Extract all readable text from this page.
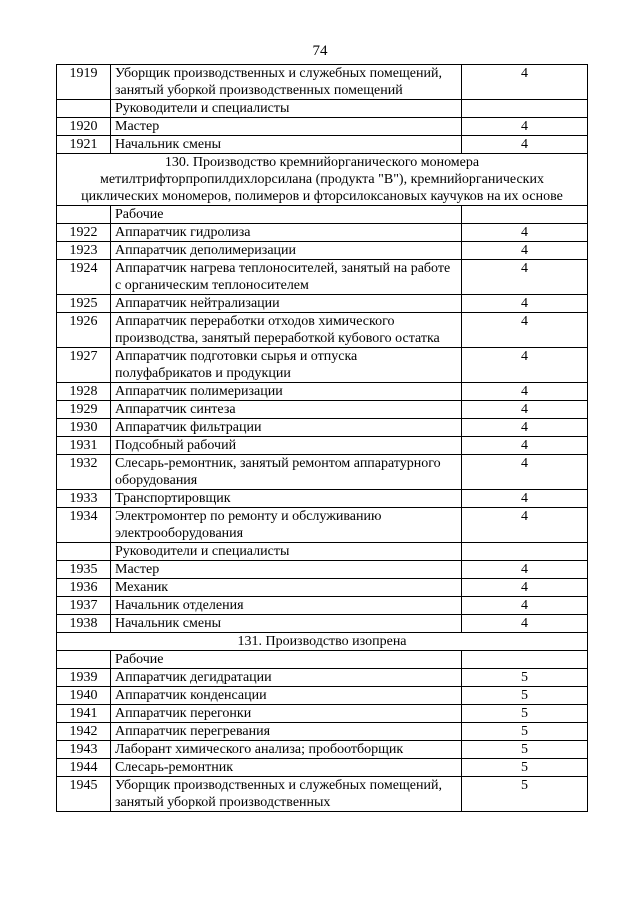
74
1919	Уборщик производственных и служебных помещений, занятый уборкой производственных помещений	4
	Руководители и специалисты	
1920	Мастер	4
1921	Начальник смены	4
130. Производство кремнийорганического мономера метилтрифторпропилдихлорсилана (продукта "В"), кремнийорганических циклических мономеров, полимеров и фторсилоксановых каучуков на их основе		
	Рабочие	
1922	Аппаратчик гидролиза	4
1923	Аппаратчик деполимеризации	4
1924	Аппаратчик нагрева теплоносителей, занятый на работе с органическим теплоносителем	4
1925	Аппаратчик нейтрализации	4
1926	Аппаратчик переработки отходов химического производства, занятый переработкой кубового остатка	4
1927	Аппаратчик подготовки сырья и отпуска полуфабрикатов и продукции	4
1928	Аппаратчик полимеризации	4
1929	Аппаратчик синтеза	4
1930	Аппаратчик фильтрации	4
1931	Подсобный рабочий	4
1932	Слесарь-ремонтник, занятый ремонтом аппаратурного оборудования	4
1933	Транспортировщик	4
1934	Электромонтер по ремонту и обслуживанию электрооборудования	4
	Руководители и специалисты	
1935	Мастер	4
1936	Механик	4
1937	Начальник отделения	4
1938	Начальник смены	4
131. Производство изопрена		
	Рабочие	
1939	Аппаратчик дегидратации	5
1940	Аппаратчик конденсации	5
1941	Аппаратчик перегонки	5
1942	Аппаратчик перегревания	5
1943	Лаборант химического анализа; пробоотборщик	5
1944	Слесарь-ремонтник	5
1945	Уборщик производственных и служебных помещений, занятый уборкой производственных	5
